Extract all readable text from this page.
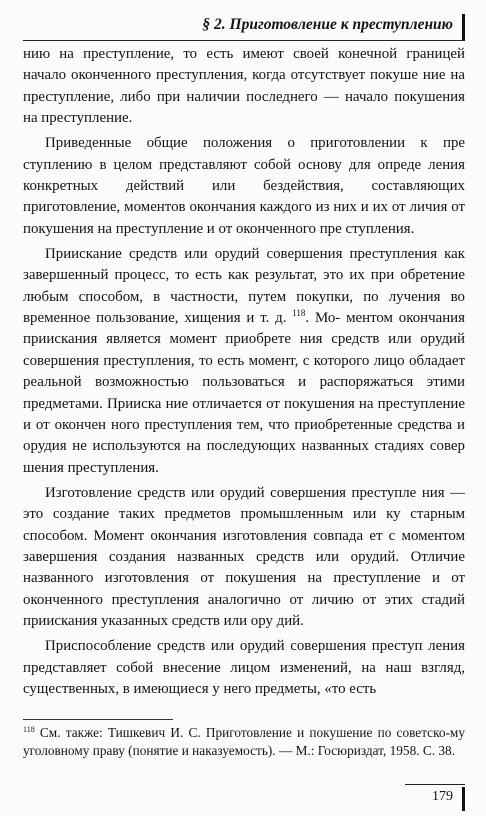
§ 2. Приготовление к преступлению

нию на преступление, то есть имеют своей конечной границей начало оконченного преступления, когда отсутствует покуше ние на преступление, либо при наличии последнего — начало покушения на преступление.

Приведенные общие положения о приготовлении к пре ступлению в целом представляют собой основу для опреде ления конкретных действий или бездействия, составляющих приготовление, моментов окончания каждого из них и их от личия от покушения на преступление и от оконченного пре ступления.

Приискание средств или орудий совершения преступления как завершенный процесс, то есть как результат, это их при обретение любым способом, в частности, путем покупки, по лучения во временное пользование, хищения и т. д. $^{118}$. Мо- ментом окончания приискания является момент приобрете ния средств или орудий совершения преступления, то есть момент, с которого лицо обладает реальной возможностью пользоваться и распоряжаться этими предметами. Прииска ние отличается от покушения на преступление и от окончен ного преступления тем, что приобретенные средства и орудия не используются на последующих названных стадиях совер шения преступления.

Изготовление средств или орудий совершения преступле ния — это создание таких предметов промышленным или ку старным способом. Момент окончания изготовления совпада ет с моментом завершения создания названных средств или орудий. Отличие названного изготовления от покушения на преступление и от оконченного преступления аналогично от личию от этих стадий приискания указанных средств или ору дий.

Приспособление средств или орудий совершения преступ ления представляет собой внесение лицом изменений, на наш взгляд, существенных, в имеющиеся у него предметы, «то есть

$^{118}$ См. также: Тишкевич И. С. Приготовление и покушение по советско-му уголовному праву (понятие и наказуемость). — М.: Госюриздат, 1958. С. 38.
179
